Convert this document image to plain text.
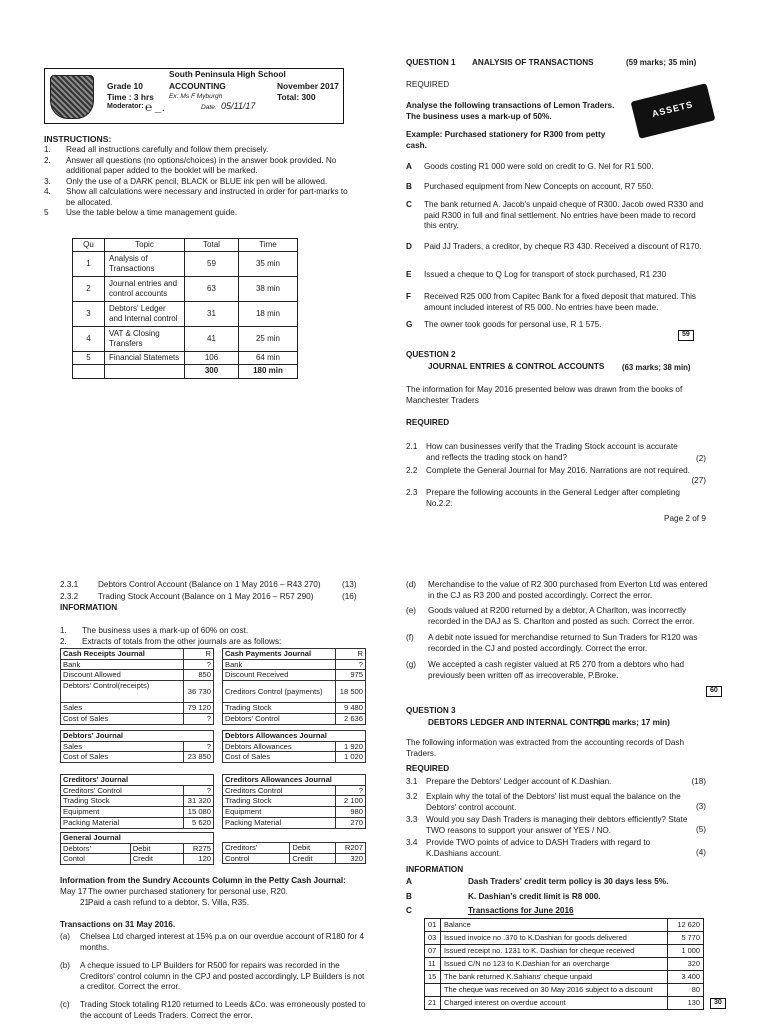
South Peninsula High School
Grade 10	ACCOUNTING	November 2017
Time : 3 hrs Ex: Ms F Myburgh	Total: 300
Moderator: ℮ _.	Date: 05/11/17
INSTRUCTIONS:
1. Read all instructions carefully and follow them precisely.
2. Answer all questions (no options/choices) in the answer book provided. No additional paper added to the booklet will be marked.
3. Only the use of a DARK pencil, BLACK or BLUE ink pen will be allowed.
4. Show all calculations were necessary and instructed in order for part-marks to be allocated.
5 Use the table below a time management guide.
Qu	Topic	Total	Time
1	Analysis of Transactions	59	35 min
2	Journal entries and control accounts	63	38 min
3	Debtors' Ledger and Internal control	31	18 min
4	VAT & Closing Transfers	41	25 min
5	Financial Statemets	106	64 min
		300	180 min
QUESTION 1 ANALYSIS OF TRANSACTIONS	(59 marks; 35 min)
REQUIRED
Analyse the following transactions of Lemon Traders. The business uses a mark-up of 50%.
Example: Purchased stationery for R300 from petty cash.
ASSETS
A Goods costing R1 000 were sold on credit to G. Nel for R1 500.
B Purchased equipment from New Concepts on account, R7 550.
C The bank returned A. Jacob's unpaid cheque of R300. Jacob owed R330 and paid R300 in full and final settlement. No entries have been made to record this entry.
D Paid JJ Traders, a creditor, by cheque R3 430. Received a discount of R170.
E Issued a cheque to Q Log for transport of stock purchased, R1 230
F Received R25 000 from Capitec Bank for a fixed deposit that matured. This amount included interest of R5 000. No entries have been made.
G The owner took goods for personal use, R 1 575.
59
QUESTION 2
JOURNAL ENTRIES & CONTROL ACCOUNTS (63 marks; 38 min)
The information for May 2016 presented below was drawn from the books of Manchester Traders
REQUIRED
2.1 How can businesses verify that the Trading Stock account is accurate and reflects the trading stock on hand?	(2)
2.2 Complete the General Journal for May 2016. Narrations are not required.
(27)
2.3 Prepare the following accounts in the General Ledger after completing No.2.2:
Page 2 of 9
2.3.1 Debtors Control Account (Balance on 1 May 2016 – R43 270)	(13)
2.3.2 Trading Stock Account (Balance on 1 May 2016 – R57 290)	(16)
INFORMATION
1. The business uses a mark-up of 60% on cost.
2. Extracts of totals from the other journals are as follows:
Cash Receipts Journal	R
Bank	?
Discount Allowed	850
Debtors' Control(receipts)	36 730
Sales	79 120
Cost of Sales	?
Cash Payments Journal	R
Bank	?
Discount Received	975
Creditors Control (payments)	18 500
Trading Stock	9 480
Debtors' Control	2 636
Debtors' Journal	
Sales	?
Cost of Sales	23 850
Debtors Allowances Journal	
Debtors Allowances	1 920
Cost of Sales	1 020
Creditors' Journal	
Creditors' Control	?
Trading Stock	31 320
Equipment	15 080
Packing Material	5 620
Creditors Allowances Journal	
Creditors Control	?
Trading Stock	2 100
Equipment	980
Packing Material	270
General Journal		
Debtors'	Debit	R275
Contol	Credit	120
Creditors'	Debit	R207
Control	Credit	320
Information from the Sundry Accounts Column in the Petty Cash Journal:
May 17 The owner purchased stationery for personal use, R20.
21
Paid a cash refund to a debtor, S. Villa, R35.
Transactions on 31 May 2016.
(a) Chelsea Ltd charged interest at 15% p.a on our overdue account of R180 for 4 months.
(b) A cheque issued to LP Builders for R500 for repairs was recorded in the Creditors' control column in the CPJ and posted accordingly. LP Builders is not a creditor. Correct the error.
(c) Trading Stock totaling R120 returned to Leeds &Co. was erroneously posted to the account of Leeds Traders. Correct the error.
(d) Merchandise to the value of R2 300 purchased from Everton Ltd was entered in the CJ as R3 200 and posted accordingly. Correct the error.
(e) Goods valued at R200 returned by a debtor, A Charlton, was incorrectly recorded in the DAJ as S. Charlton and posted as such. Correct the error.
(f) A debit note issued for merchandise returned to Sun Traders for R120 was recorded in the CJ and posted accordingly. Correct the error.
(g) We accepted a cash register valued at R5 270 from a debtors who had previously been written off as irrecoverable, P.Broke.
60
QUESTION 3
DEBTORS LEDGER AND INTERNAL CONTROL
(30 marks; 17 min)
The following information was extracted from the accounting records of Dash Traders.
REQUIRED
3.1 Prepare the Debtors' Ledger account of K.Dashian.	(18)
3.2 Explain why the total of the Debtors' list must equal the balance on the Debtors' control account.	(3)
3.3 Would you say Dash Traders is managing their debtors efficiently? State TWO reasons to support your answer of YES / NO.	(5)
3.4 Provide TWO points of advice to DASH Traders with regard to K.Dashians account.	(4)
INFORMATION
A	Dash Traders' credit term policy is 30 days less 5%.
B	K. Dashian's credit limit is R8 000.
C	Transactions for June 2016
01	Balance	12 620
03	Issued invoice no .370 to K.Dashian for goods delivered	5 770
07	Issued receipt no. 1231 to K. Dashian for cheque received	1 000
11	Issued C/N no 123 to K.Dashian for an overcharge	320
15	The bank returned K.Sahians' cheque unpaid	3 400
	The cheque was received on 30 May 2016 subject to a discount	80
21	Charged interest on overdue account	130	30
